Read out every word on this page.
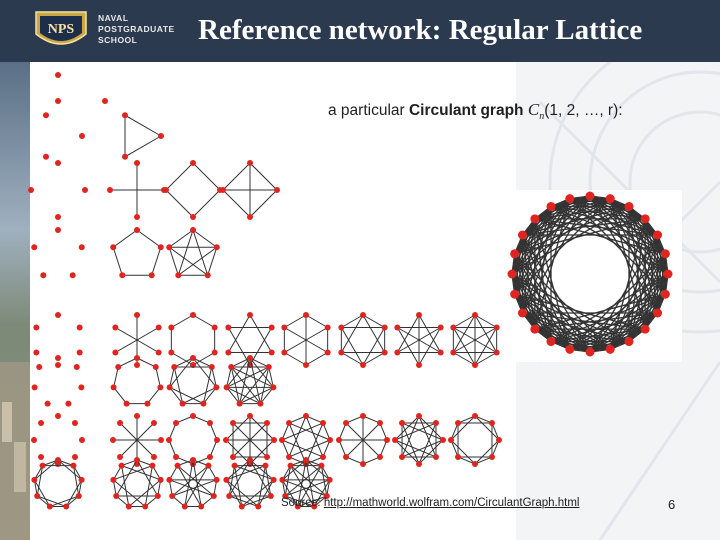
NPS
NAVAL
POSTGRADUATE
SCHOOL	Reference network: Regular Lattice
a particular Circulant graph $C_n(1$, 2, …, r):
Source: http://mathworld.wolfram.com/CirculantGraph.html	6
